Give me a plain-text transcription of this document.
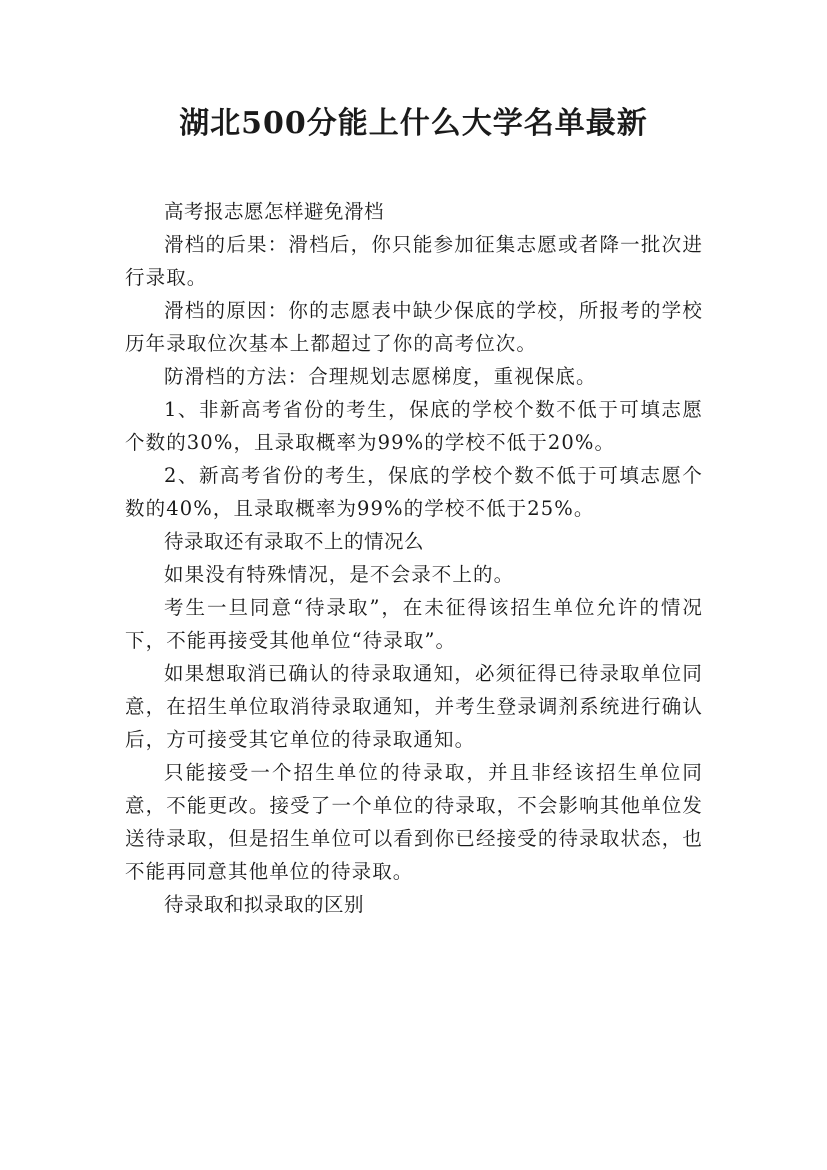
湖北500分能上什么大学名单最新

高考报志愿怎样避免滑档

滑档的后果：滑档后，你只能参加征集志愿或者降一批次进行录取。

滑档的原因：你的志愿表中缺少保底的学校，所报考的学校历年录取位次基本上都超过了你的高考位次。

防滑档的方法：合理规划志愿梯度，重视保底。

1、非新高考省份的考生，保底的学校个数不低于可填志愿个数的30%，且录取概率为99%的学校不低于20%。

2、新高考省份的考生，保底的学校个数不低于可填志愿个数的40%，且录取概率为99%的学校不低于25%。

待录取还有录取不上的情况么

如果没有特殊情况，是不会录不上的。

考生一旦同意“待录取”，在未征得该招生单位允许的情况下，不能再接受其他单位“待录取”。

如果想取消已确认的待录取通知，必须征得已待录取单位同意，在招生单位取消待录取通知，并考生登录调剂系统进行确认后，方可接受其它单位的待录取通知。

只能接受一个招生单位的待录取，并且非经该招生单位同意，不能更改。接受了一个单位的待录取，不会影响其他单位发送待录取，但是招生单位可以看到你已经接受的待录取状态，也不能再同意其他单位的待录取。

待录取和拟录取的区别
